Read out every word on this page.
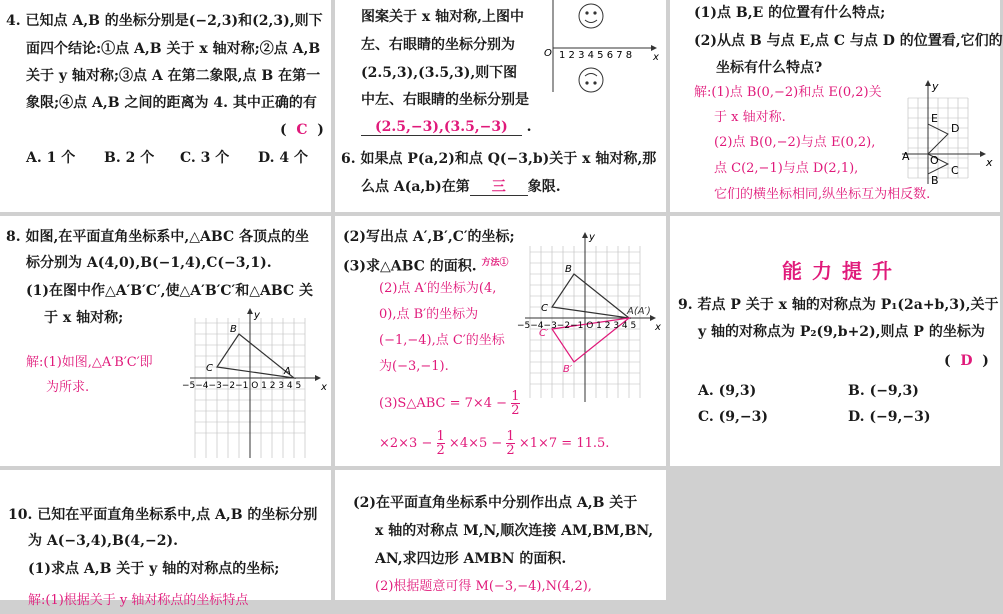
4. 已知点 A,B 的坐标分别是(−2,3)和(2,3),则下
面四个结论:①点 A,B 关于 x 轴对称;②点 A,B
关于 y 轴对称;③点 A 在第二象限,点 B 在第一
象限;④点 A,B 之间的距离为 4. 其中正确的有
(  C  )
A. 1 个 B. 2 个 C. 3 个 D. 4 个
图案关于 x 轴对称,上图中
左、右眼睛的坐标分别为
(2.5,3),(3.5,3),则下图
中左、右眼睛的坐标分别是
(2.5,−3),(3.5,−3) .
O 1 2 3 4 5 6 7 8 x
6. 如果点 P(a,2)和点 Q(−3,b)关于 x 轴对称,那
么点 A(a,b)在第 三 象限.
(1)点 B,E 的位置有什么特点;
(2)从点 B 与点 E,点 C 与点 D 的位置看,它们的
坐标有什么特点?
解:(1)点 B(0,−2)和点 E(0,2)关
于 x 轴对称.
(2)点 B(0,−2)与点 E(0,2),
点 C(2,−1)与点 D(2,1),
它们的横坐标相同,纵坐标互为相反数.
y
x
A O
E
D
B
C
8. 如图,在平面直角坐标系中,△ABC 各顶点的坐
标分别为 A(4,0),B(−1,4),C(−3,1).
(1)在图中作△A′B′C′,使△A′B′C′和△ABC 关
于 x 轴对称;
解:(1)如图,△A′B′C′即
为所求.
y
x
−5−4−3−2−1 O 1 2 3 4 5
A
B
C
(2)写出点 A′,B′,C′的坐标;
(3)求△ABC 的面积. $^{方法①}$
(2)点 A′的坐标为(4,
0),点 B′的坐标为
(−1,−4),点 C′的坐标
为(−3,−1).
(3)S△ABC = $7\times 4 - \frac{1}{2}$
$\times 2\times 3 - \frac{1}{2} \times 4\times 5 - \frac{1}{2} \times 1\times 7 = 11.5$.
y
x
−5−4−3−2−1 O 1 2 3 4 5
A(A′)
B
C
C′
B′
能力提升
9. 若点 P 关于 x 轴的对称点为 P₁(2a+b,3),关于
y 轴的对称点为 P₂(9,b+2),则点 P 的坐标为
(  D  )
A. (9,3)	B. (−9,3)
C. (9,−3)	D. (−9,−3)
10. 已知在平面直角坐标系中,点 A,B 的坐标分别
为 A(−3,4),B(4,−2).
(1)求点 A,B 关于 y 轴的对称点的坐标;
解:(1)根据关于 y 轴对称点的坐标特点
(2)在平面直角坐标系中分别作出点 A,B 关于
x 轴的对称点 M,N,顺次连接 AM,BM,BN,
AN,求四边形 AMBN 的面积.
(2)根据题意可得 M(−3,−4),N(4,2),
